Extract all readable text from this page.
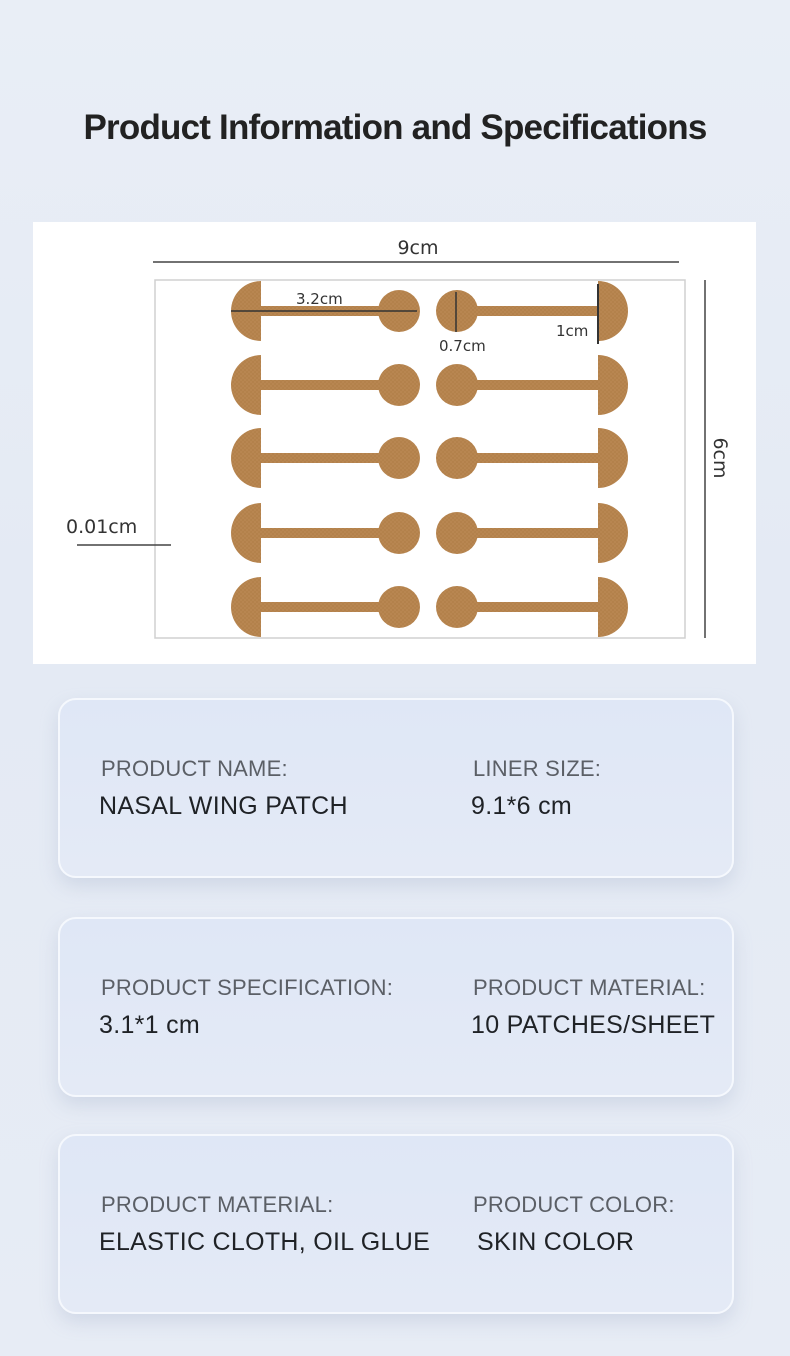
Product Information and Specifications
9cm
6cm
0.01cm
3.2cm
0.7cm
1cm
PRODUCT NAME:
NASAL WING PATCH
LINER SIZE:
9.1*6 cm
PRODUCT SPECIFICATION:
3.1*1 cm
PRODUCT MATERIAL:
10 PATCHES/SHEET
PRODUCT MATERIAL:
ELASTIC CLOTH, OIL GLUE
PRODUCT COLOR:
SKIN COLOR
